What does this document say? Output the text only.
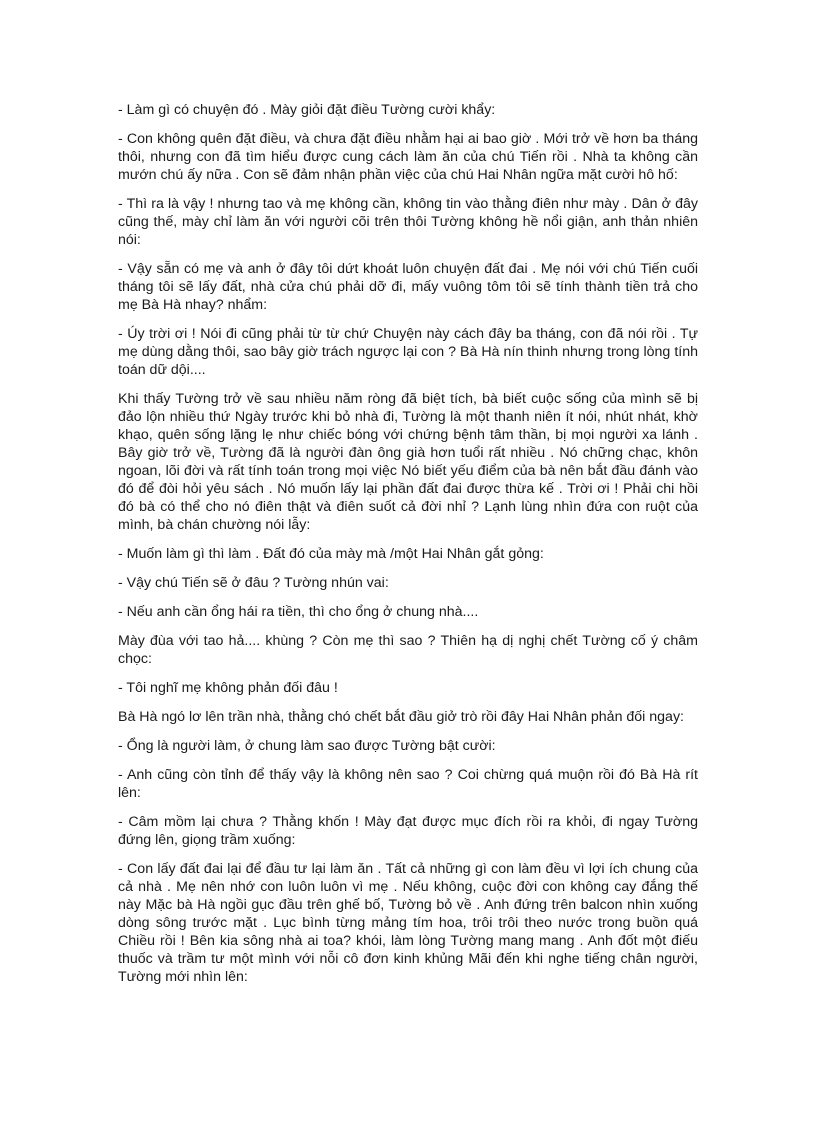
- Làm gì có chuyện đó . Mày giỏi đặt điều Tường cười khẩy:

- Con không quên đặt điều, và chưa đặt điều nhằm hại ai bao giờ . Mới trở về hơn ba tháng thôi, nhưng con đã tìm hiểu được cung cách làm ăn của chú Tiến rồi . Nhà ta không cần mướn chú ấy nữa . Con sẽ đảm nhận phần việc của chú Hai Nhân ngữa mặt cười hô hố:

- Thì ra là vậy ! nhưng tao và mẹ không cần, không tin vào thằng điên như mày . Dân ở đây cũng thế, mày chỉ làm ăn với người cõi trên thôi Tường không hề nổi giận, anh thản nhiên nói:

- Vậy sẵn có mẹ và anh ở đây tôi dứt khoát luôn chuyện đất đai . Mẹ nói với chú Tiến cuối tháng tôi sẽ lấy đất, nhà cửa chú phải dỡ đi, mấy vuông tôm tôi sẽ tính thành tiền trả cho mẹ Bà Hà nhay? nhẩm:

- Úy trời ơi ! Nói đi cũng phải từ từ chứ Chuyện này cách đây ba tháng, con đã nói rồi . Tự mẹ dùng dằng thôi, sao bây giờ trách ngược lại con ? Bà Hà nín thinh nhưng trong lòng tính toán dữ dội....

Khi thấy Tường trở về sau nhiều năm ròng đã biệt tích, bà biết cuộc sống của mình sẽ bị đảo lộn nhiều thứ Ngày trước khi bỏ nhà đi, Tường là một thanh niên ít nói, nhút nhát, khờ khạo, quên sống lặng lẹ như chiếc bóng với chứng bệnh tâm thần, bị mọi người xa lánh . Bây giờ trở về, Tường đã là người đàn ông già hơn tuổi rất nhiều . Nó chững chạc, khôn ngoan, lõi đời và rất tính toán trong mọi việc Nó biết yếu điểm của bà nên bắt đầu đánh vào đó để đòi hỏi yêu sách . Nó muốn lấy lại phần đất đai được thừa kế . Trời ơi ! Phải chi hồi đó bà có thể cho nó điên thật và điên suốt cả đời nhỉ ? Lạnh lùng nhìn đứa con ruột của mình, bà chán chường nói lẫy:

- Muốn làm gì thì làm . Đất đó của mày mà /một Hai Nhân gắt gỏng:

- Vậy chú Tiến sẽ ở đâu ? Tường nhún vai:

- Nếu anh cần ổng hái ra tiền, thì cho ổng ở chung nhà....

Mày đùa với tao hả.... khùng ? Còn mẹ thì sao ? Thiên hạ dị nghị chết Tường cố ý châm chọc:

- Tôi nghĩ mẹ không phản đối đâu !

Bà Hà ngó lơ lên trần nhà, thằng chó chết bắt đầu giở trò rồi đây Hai Nhân phản đối ngay:

- Ổng là người làm, ở chung làm sao được Tường bật cười:

- Anh cũng còn tỉnh để thấy vậy là không nên sao ? Coi chừng quá muộn rồi đó Bà Hà rít lên:

- Câm mồm lại chưa ? Thằng khốn ! Mày đạt được mục đích rồi ra khỏi, đi ngay Tường đứng lên, giọng trầm xuống:

- Con lấy đất đai lại để đầu tư lại làm ăn . Tất cả những gì con làm đều vì lợi ích chung của cả nhà . Mẹ nên nhớ con luôn luôn vì mẹ . Nếu không, cuộc đời con không cay đắng thế này Mặc bà Hà ngồi gục đầu trên ghế bố, Tường bỏ về . Anh đứng trên balcon nhìn xuống dòng sông trước mặt . Lục bình từng mảng tím hoa, trôi trôi theo nước trong buồn quá Chiều rồi ! Bên kia sông nhà ai toa? khói, làm lòng Tường mang mang . Anh đốt một điếu thuốc và trầm tư một mình với nỗi cô đơn kinh khủng Mãi đến khi nghe tiếng chân người, Tường mới nhìn lên:
